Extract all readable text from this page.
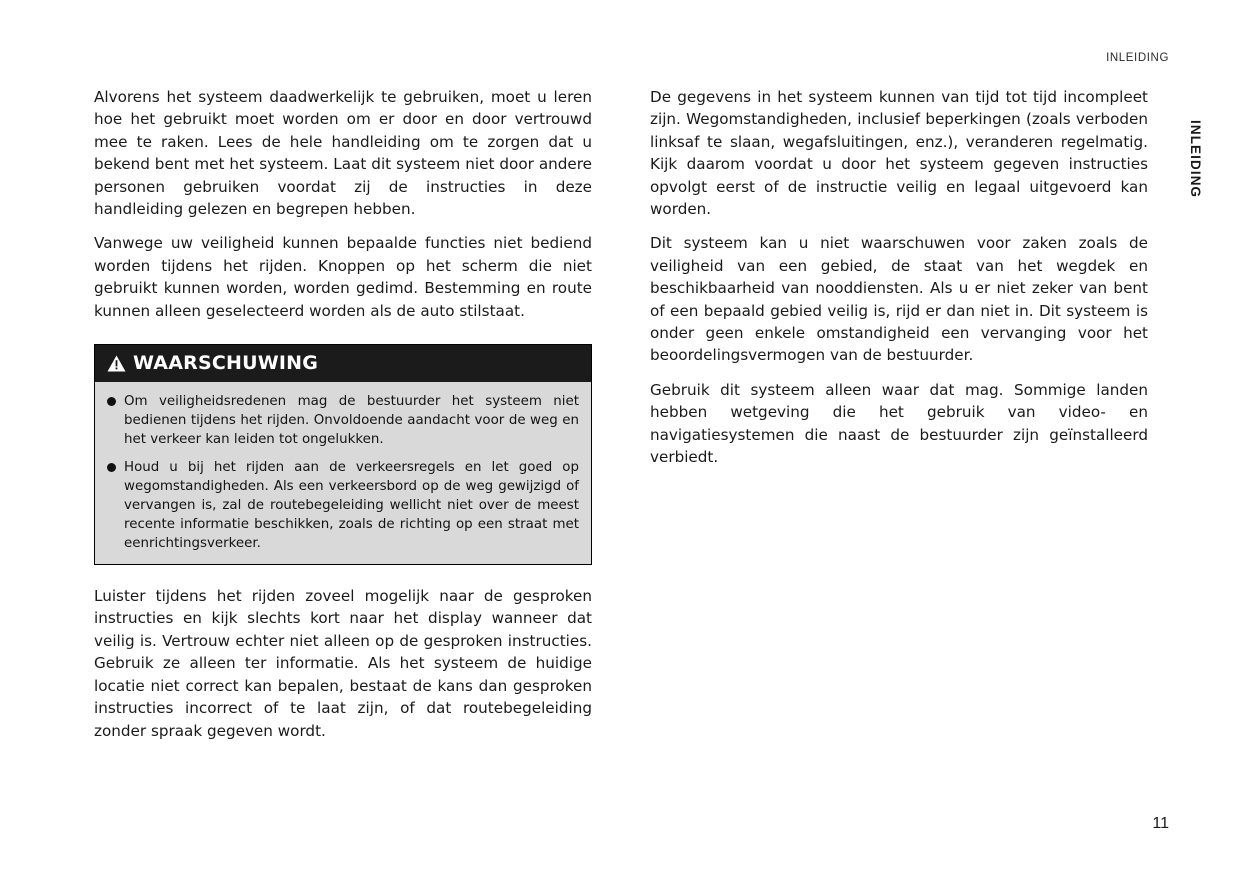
INLEIDING
INLEIDING

Alvorens het systeem daadwerkelijk te gebruiken, moet u leren hoe het gebruikt moet worden om er door en door vertrouwd mee te raken. Lees de hele handleiding om te zorgen dat u bekend bent met het systeem. Laat dit systeem niet door andere personen gebruiken voordat zij de instructies in deze handleiding gelezen en begrepen hebben.

Vanwege uw veiligheid kunnen bepaalde functies niet bediend worden tijdens het rijden. Knoppen op het scherm die niet gebruikt kunnen worden, worden gedimd. Bestemming en route kunnen alleen geselecteerd worden als de auto stilstaat.

WAARSCHUWING
Om veiligheidsredenen mag de bestuurder het systeem niet bedienen tijdens het rijden. Onvoldoende aandacht voor de weg en het verkeer kan leiden tot ongelukken.
Houd u bij het rijden aan de verkeersregels en let goed op wegomstandigheden. Als een verkeersbord op de weg gewijzigd of vervangen is, zal de routebegeleiding wellicht niet over de meest recente informatie beschikken, zoals de richting op een straat met eenrichtingsverkeer.

Luister tijdens het rijden zoveel mogelijk naar de gesproken instructies en kijk slechts kort naar het display wanneer dat veilig is. Vertrouw echter niet alleen op de gesproken instructies. Gebruik ze alleen ter informatie. Als het systeem de huidige locatie niet correct kan bepalen, bestaat de kans dan gesproken instructies incorrect of te laat zijn, of dat routebegeleiding zonder spraak gegeven wordt.

De gegevens in het systeem kunnen van tijd tot tijd incompleet zijn. Wegomstandigheden, inclusief beperkingen (zoals verboden linksaf te slaan, wegafsluitingen, enz.), veranderen regelmatig. Kijk daarom voordat u door het systeem gegeven instructies opvolgt eerst of de instructie veilig en legaal uitgevoerd kan worden.

Dit systeem kan u niet waarschuwen voor zaken zoals de veiligheid van een gebied, de staat van het wegdek en beschikbaarheid van nooddiensten. Als u er niet zeker van bent of een bepaald gebied veilig is, rijd er dan niet in. Dit systeem is onder geen enkele omstandigheid een vervanging voor het beoordelingsvermogen van de bestuurder.

Gebruik dit systeem alleen waar dat mag. Sommige landen hebben wetgeving die het gebruik van video- en navigatiesystemen die naast de bestuurder zijn geïnstalleerd verbiedt.

11
